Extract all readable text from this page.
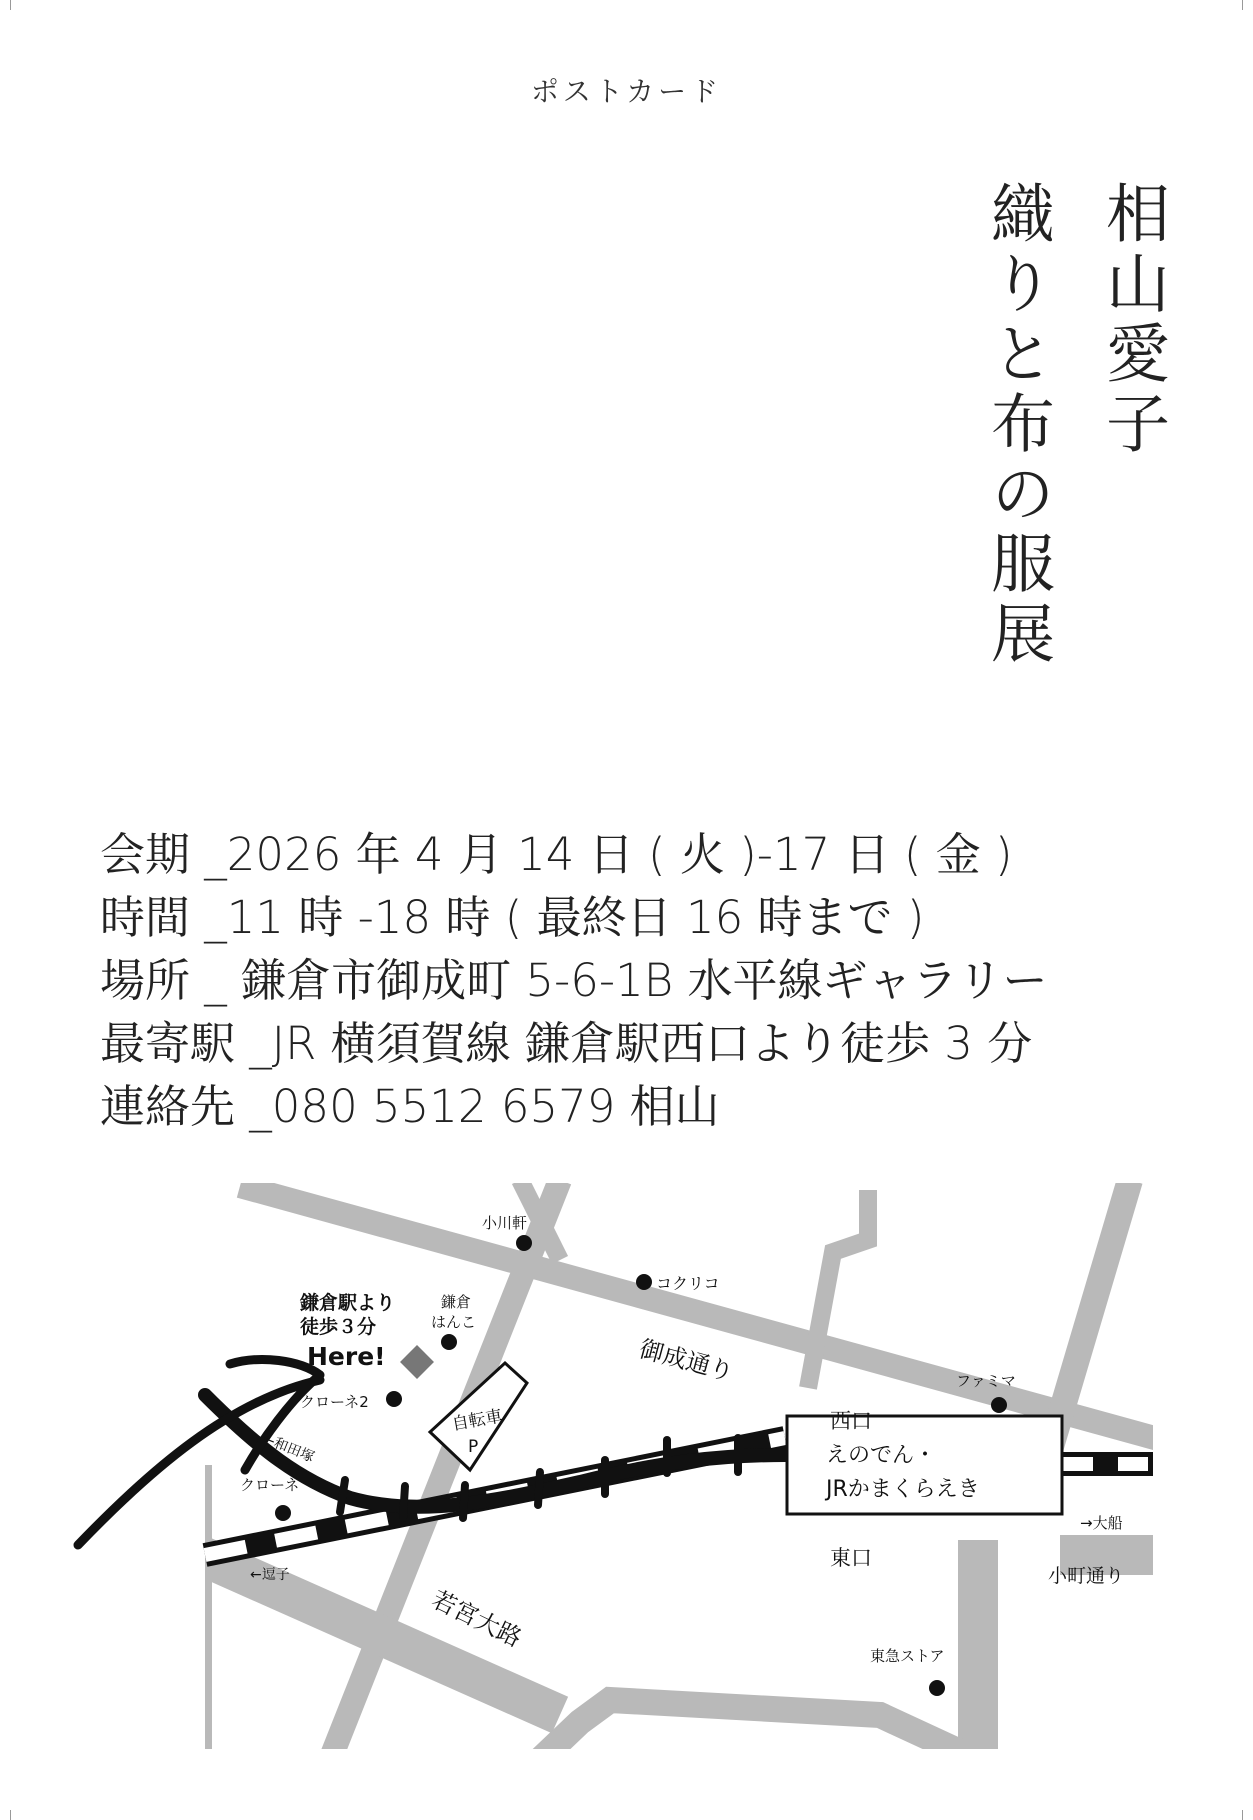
ポストカード
相山愛子
織りと布の服展
会期 _2026 年 4 月 14 日 ( 火 )-17 日 ( 金 )
時間 _11 時 -18 時 ( 最終日 16 時まで )
場所 _ 鎌倉市御成町 5-6-1B 水平線ギャラリー
最寄駅 _JR 横須賀線 鎌倉駅西口より徒歩 3 分
連絡先 _080 5512 6579 相山
えのでん・
JRかまくらえき
自転車
P
鎌倉駅より
徒歩３分
Here!
小川軒
コクリコ
鎌倉
はんこ
ファミマ
御成通り
クローネ2
クローネ
←和田塚
←逗子
→大船
若宮大路
小町通り
東急ストア
西口
東口
